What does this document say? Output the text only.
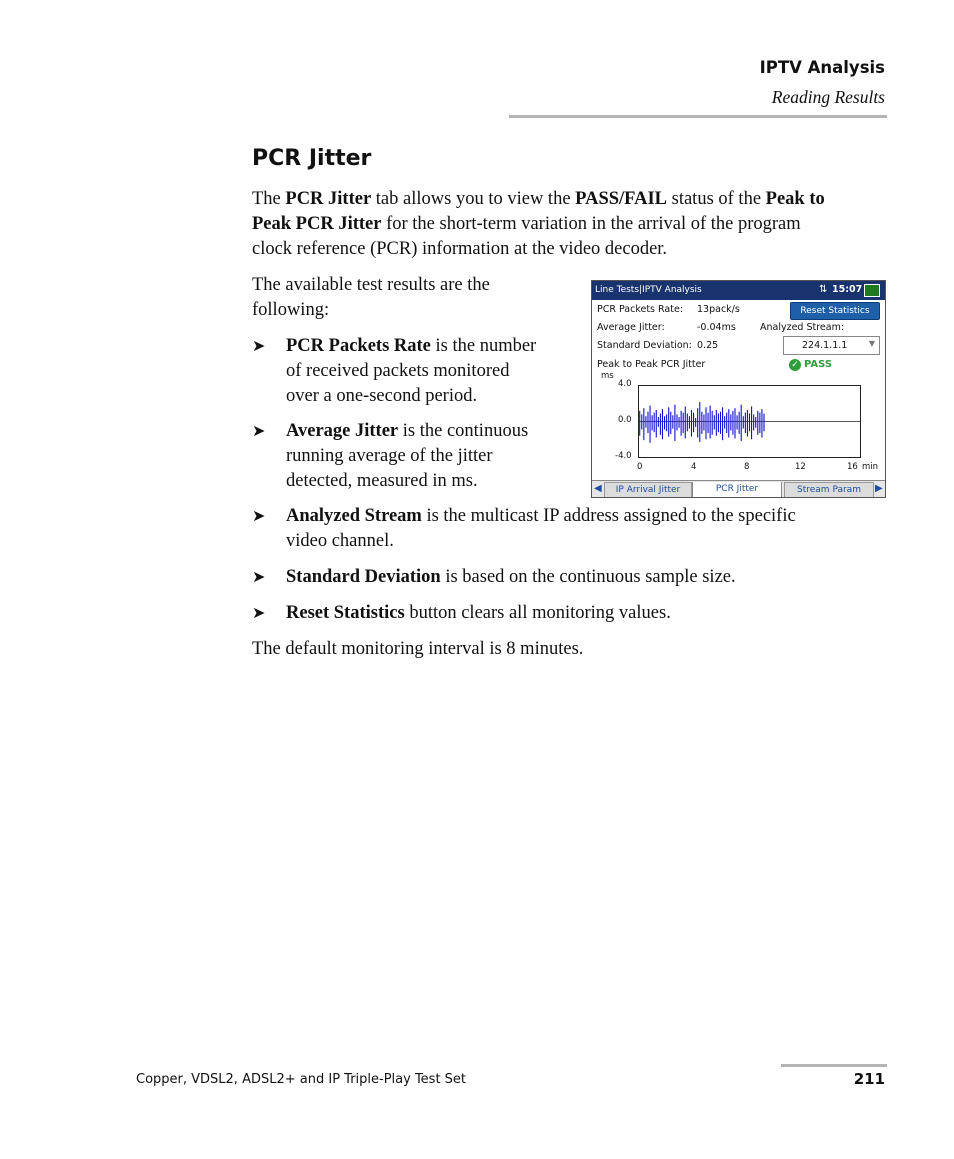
IPTV Analysis
Reading Results
PCR Jitter
The PCR Jitter tab allows you to view the PASS/FAIL status of the Peak to
Peak PCR Jitter for the short-term variation in the arrival of the program
clock reference (PCR) information at the video decoder.
The available test results are the
following:
➤ PCR Packets Rate is the number
of received packets monitored
over a one-second period.
➤ Average Jitter is the continuous
running average of the jitter
detected, measured in ms.
➤ Analyzed Stream is the multicast IP address assigned to the specific
video channel.
➤ Standard Deviation is based on the continuous sample size.
➤ Reset Statistics button clears all monitoring values.
The default monitoring interval is 8 minutes.
Line Tests|IPTV Analysis	⇅ 15:07
PCR Packets Rate: 13pack/s
Average Jitter:	-0.04ms
Standard Deviation: 0.25
Reset Statistics
Analyzed Stream:
224.1.1.1	▼
Peak to Peak PCR Jitter	✓ PASS
ms
4.0
0.0
-4.0
0	4	8	12	16 min
◀	IP Arrival Jitter	PCR Jitter	Stream Param	▶
Copper, VDSL2, ADSL2+ and IP Triple-Play Test Set	211
